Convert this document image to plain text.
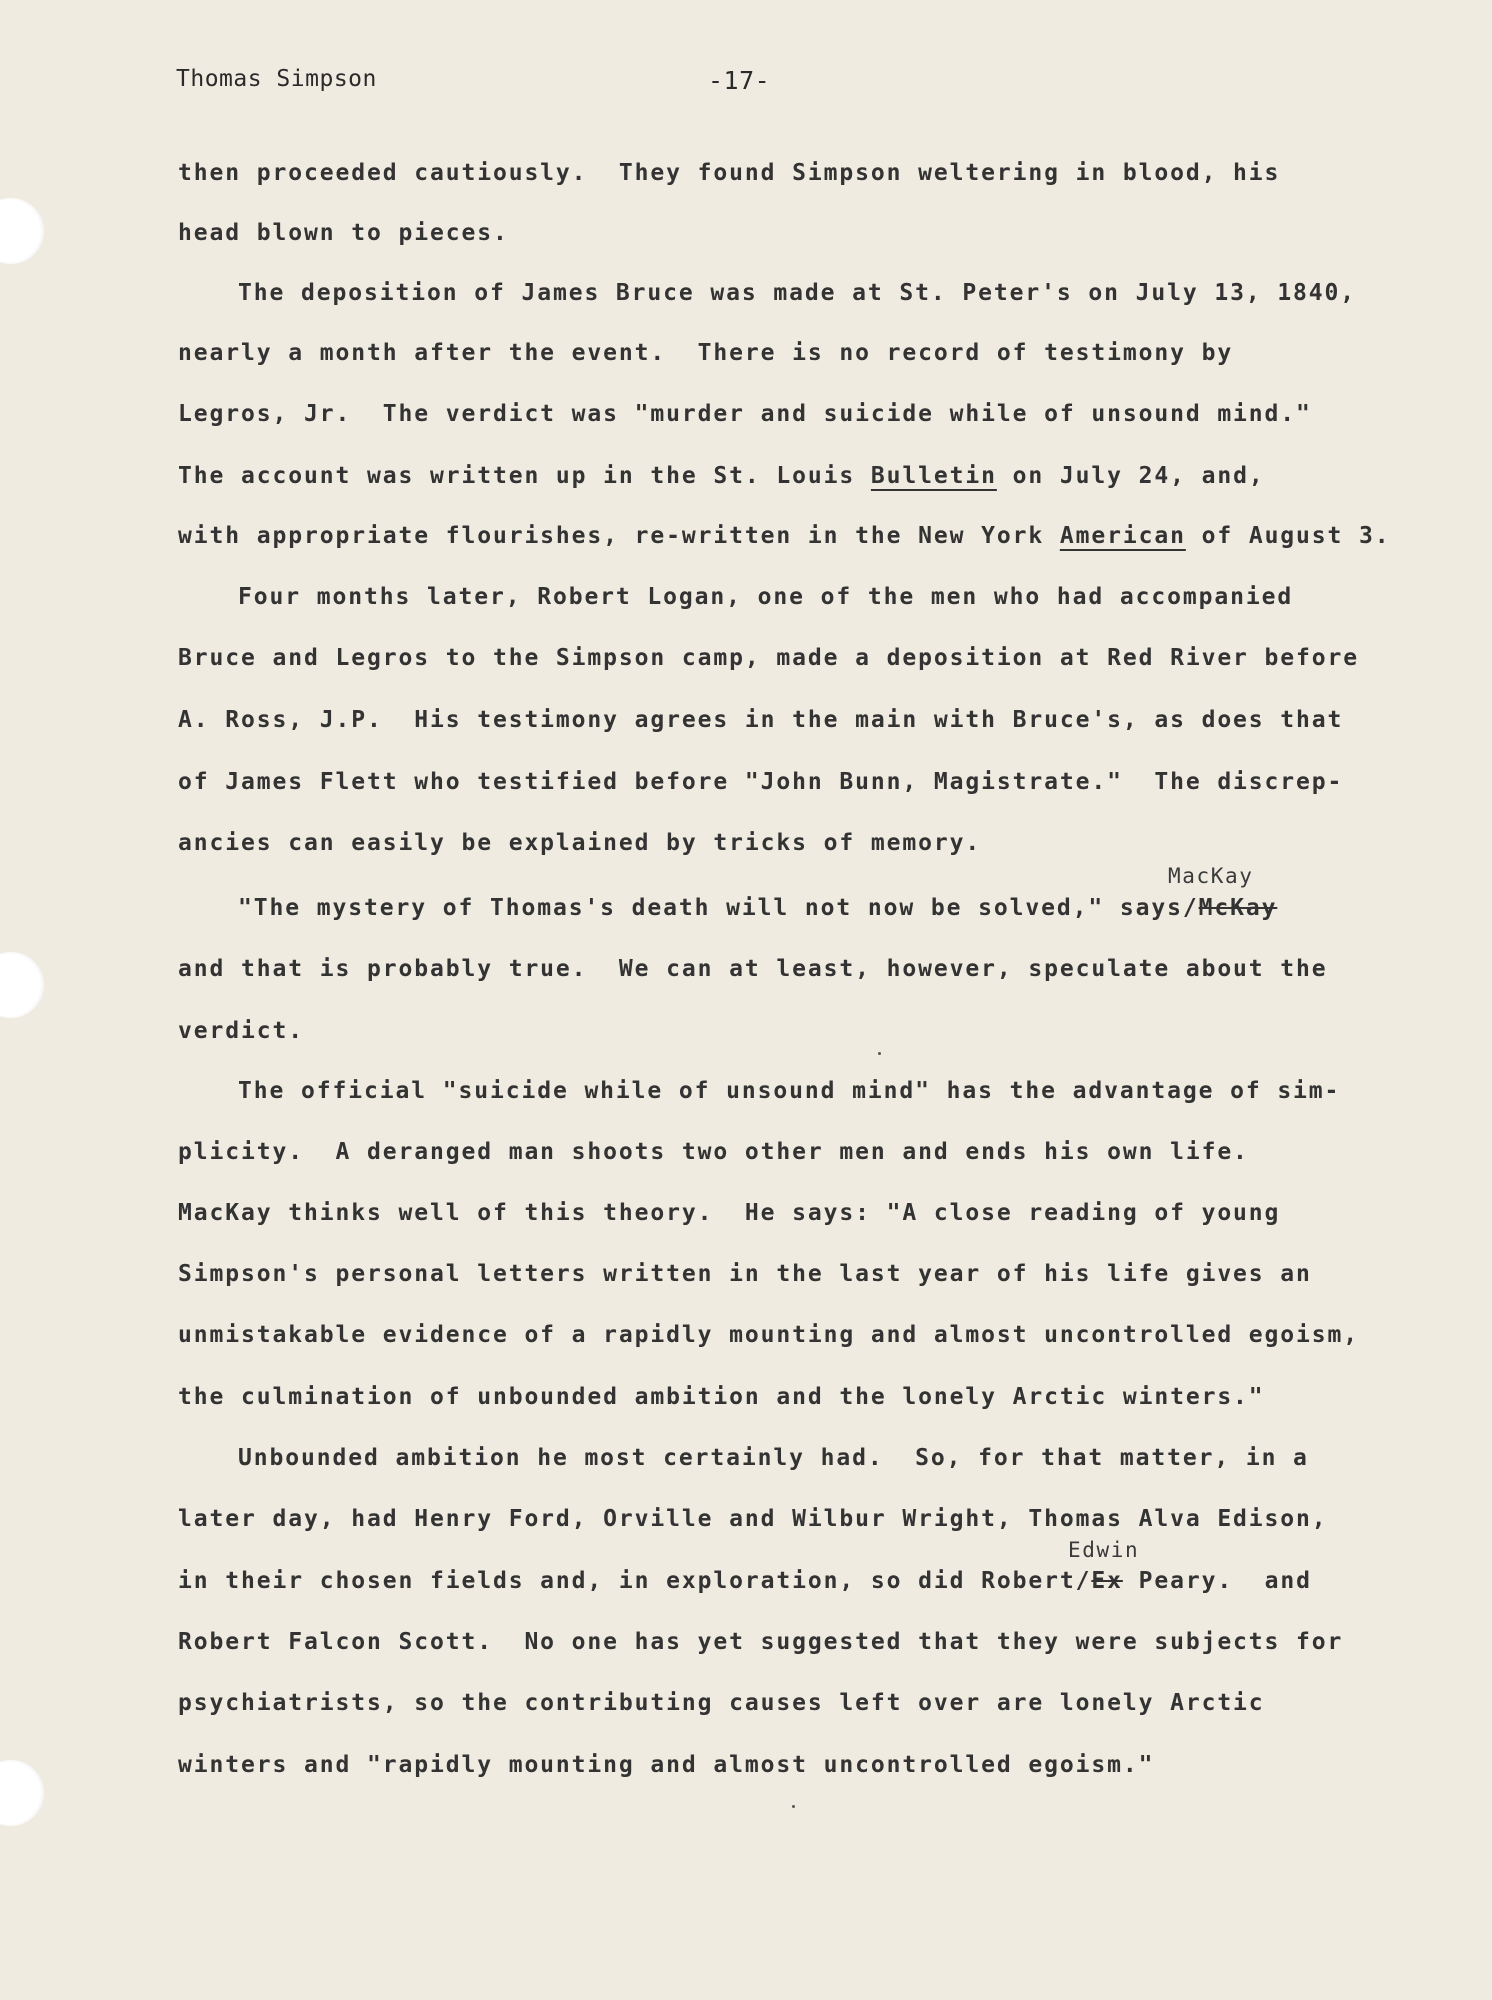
Thomas Simpson	-17-
then proceeded cautiously.  They found Simpson weltering in blood, his
head blown to pieces.
The deposition of James Bruce was made at St. Peter's on July 13, 1840,
nearly a month after the event.  There is no record of testimony by
Legros, Jr.  The verdict was "murder and suicide while of unsound mind."
The account was written up in the St. Louis Bulletin on July 24, and,
with appropriate flourishes, re-written in the New York American of August 3.
Four months later, Robert Logan, one of the men who had accompanied
Bruce and Legros to the Simpson camp, made a deposition at Red River before
A. Ross, J.P.  His testimony agrees in the main with Bruce's, as does that
of James Flett who testified before "John Bunn, Magistrate."  The discrep-
ancies can easily be explained by tricks of memory.
MacKay
"The mystery of Thomas's death will not now be solved," says/McKay
and that is probably true.  We can at least, however, speculate about the
verdict.
The official "suicide while of unsound mind" has the advantage of sim-
plicity.  A deranged man shoots two other men and ends his own life.
MacKay thinks well of this theory.  He says: "A close reading of young
Simpson's personal letters written in the last year of his life gives an
unmistakable evidence of a rapidly mounting and almost uncontrolled egoism,
the culmination of unbounded ambition and the lonely Arctic winters."
Unbounded ambition he most certainly had.  So, for that matter, in a
later day, had Henry Ford, Orville and Wilbur Wright, Thomas Alva Edison,
Edwin
in their chosen fields and, in exploration, so did Robert/Ex Peary.  and
Robert Falcon Scott.  No one has yet suggested that they were subjects for
psychiatrists, so the contributing causes left over are lonely Arctic
winters and "rapidly mounting and almost uncontrolled egoism."
